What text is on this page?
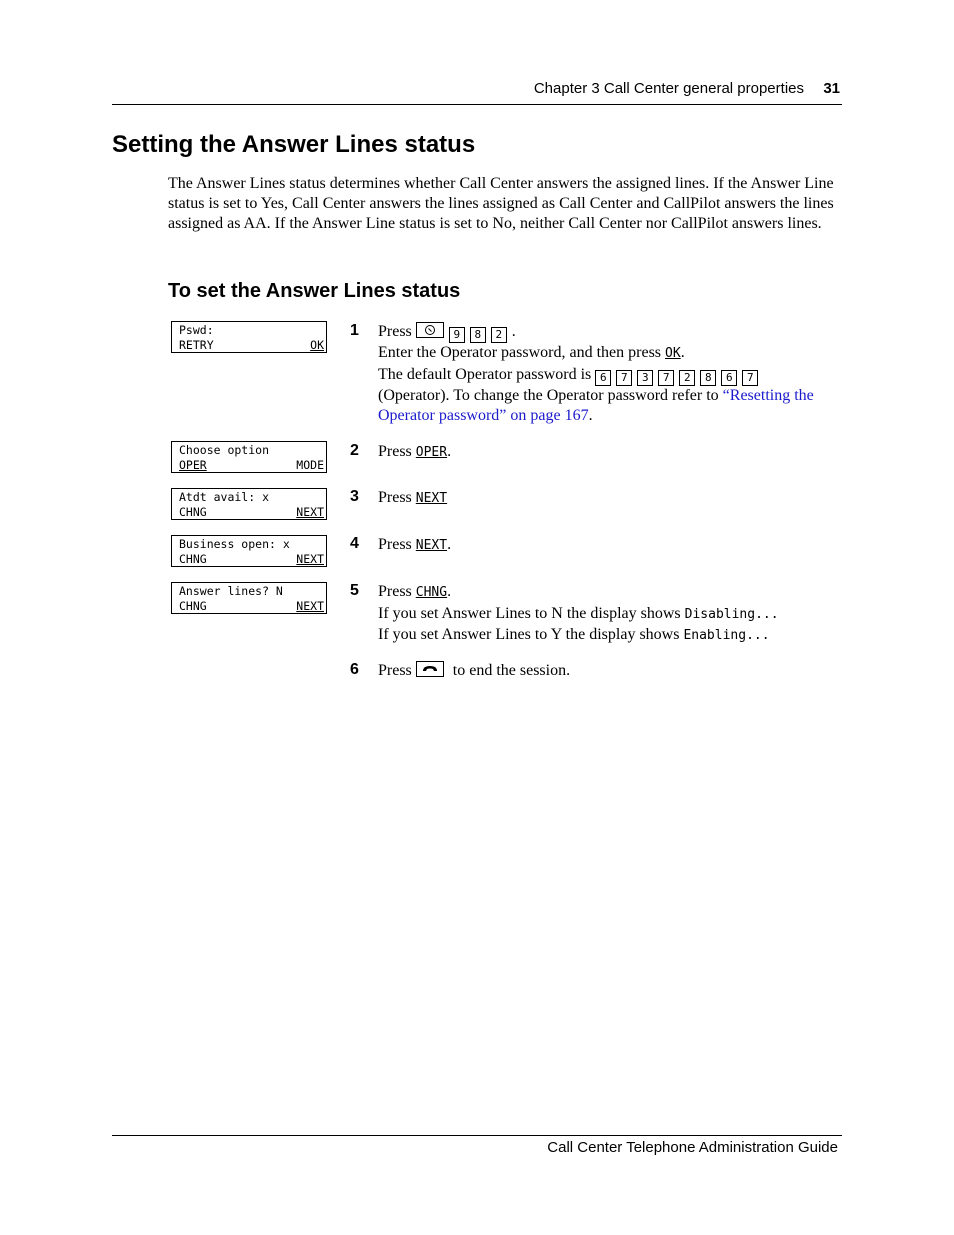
Chapter 3 Call Center general properties 31
Setting the Answer Lines status

The Answer Lines status determines whether Call Center answers the assigned lines. If the Answer Line status is set to Yes, Call Center answers the lines assigned as Call Center and CallPilot answers the lines assigned as AA. If the Answer Line status is set to No, neither Call Center nor CallPilot answers lines.

To set the Answer Lines status
Pswd:
RETRY	OK
Choose option
OPER	MODE
Atdt avail: x
CHNG	NEXT
Business open: x
CHNG	NEXT
Answer lines? N
CHNG	NEXT
1 Press	9 8 2 .
Enter the Operator password, and then press OK.
The default Operator password is 6 7 3 7 2 8 6 7
(Operator). To change the Operator password refer to “Resetting the Operator password” on page 167.
2 Press OPER.
3 Press NEXT
4 Press NEXT.
5 Press CHNG.
If you set Answer Lines to N the display shows Disabling...
If you set Answer Lines to Y the display shows Enabling...
6 Press	to end the session.
Call Center Telephone Administration Guide
